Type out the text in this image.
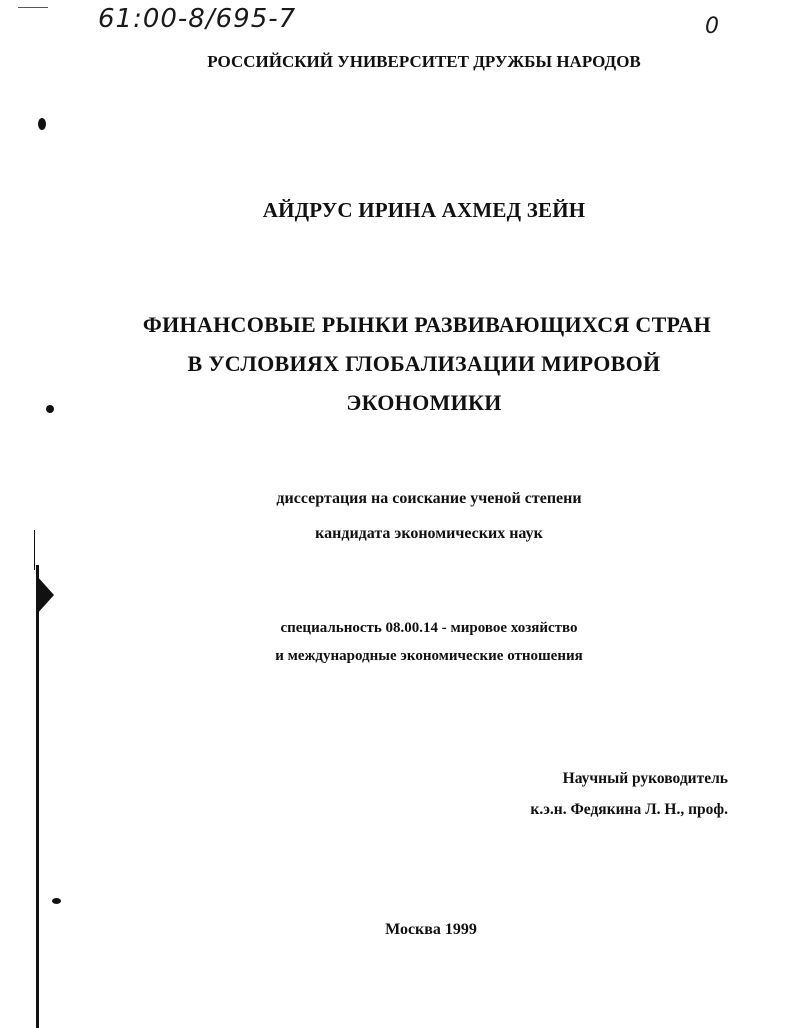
61:00-8/695-7	0
РОССИЙСКИЙ УНИВЕРСИТЕТ ДРУЖБЫ НАРОДОВ
АЙДРУС ИРИНА АХМЕД ЗЕЙН
ФИНАНСОВЫЕ РЫНКИ РАЗВИВАЮЩИХСЯ СТРАН
В УСЛОВИЯХ ГЛОБАЛИЗАЦИИ МИРОВОЙ
ЭКОНОМИКИ
диссертация на соискание ученой степени
кандидата экономических наук
специальность 08.00.14 - мировое хозяйство
и международные экономические отношения
Научный руководитель
к.э.н. Федякина Л. Н., проф.
Москва 1999
